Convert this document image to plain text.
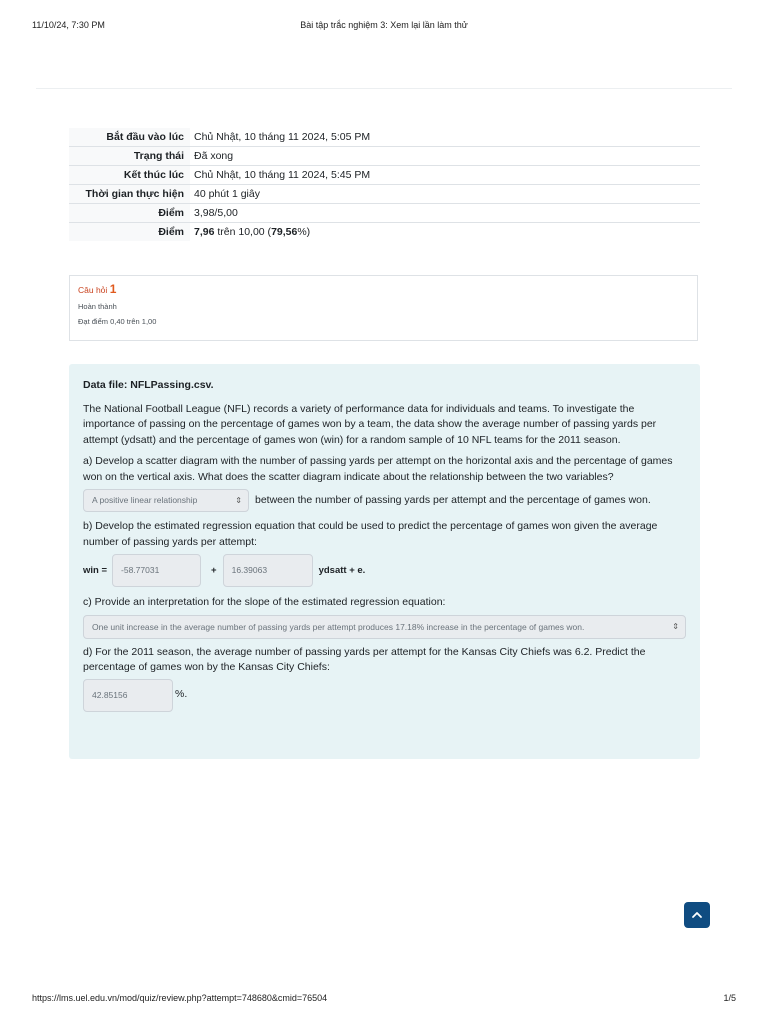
11/10/24, 7:30 PM	Bài tập trắc nghiệm 3: Xem lại lần làm thử
Bắt đầu vào lúc	Chủ Nhật, 10 tháng 11 2024, 5:05 PM
Trạng thái	Đã xong
Kết thúc lúc	Chủ Nhật, 10 tháng 11 2024, 5:45 PM
Thời gian thực hiện	40 phút 1 giây
Điểm	3,98/5,00
Điểm	7,96 trên 10,00 (79,56%)
Câu hỏi 1
Hoàn thành
Đạt điểm 0,40 trên 1,00

Data file: NFLPassing.csv.

The National Football League (NFL) records a variety of performance data for individuals and teams. To investigate the importance of passing on the percentage of games won by a team, the data show the average number of passing yards per attempt (ydsatt) and the percentage of games won (win) for a random sample of 10 NFL teams for the 2011 season.

a) Develop a scatter diagram with the number of passing yards per attempt on the horizontal axis and the percentage of games won on the vertical axis. What does the scatter diagram indicate about the relationship between the two variables?

A positive linear relationship	⇕ between the number of passing yards per attempt and the percentage of games won.

b) Develop the estimated regression equation that could be used to predict the percentage of games won given the average number of passing yards per attempt:

win =	-58.77031	+	16.39063	ydsatt + e.

c) Provide an interpretation for the slope of the estimated regression equation:

One unit increase in the average number of passing yards per attempt produces 17.18% increase in the percentage of games won.	⇕

d) For the 2011 season, the average number of passing yards per attempt for the Kansas City Chiefs was 6.2. Predict the percentage of games won by the Kansas City Chiefs:

42.85156	%.
https://lms.uel.edu.vn/mod/quiz/review.php?attempt=748680&cmid=76504	1/5
